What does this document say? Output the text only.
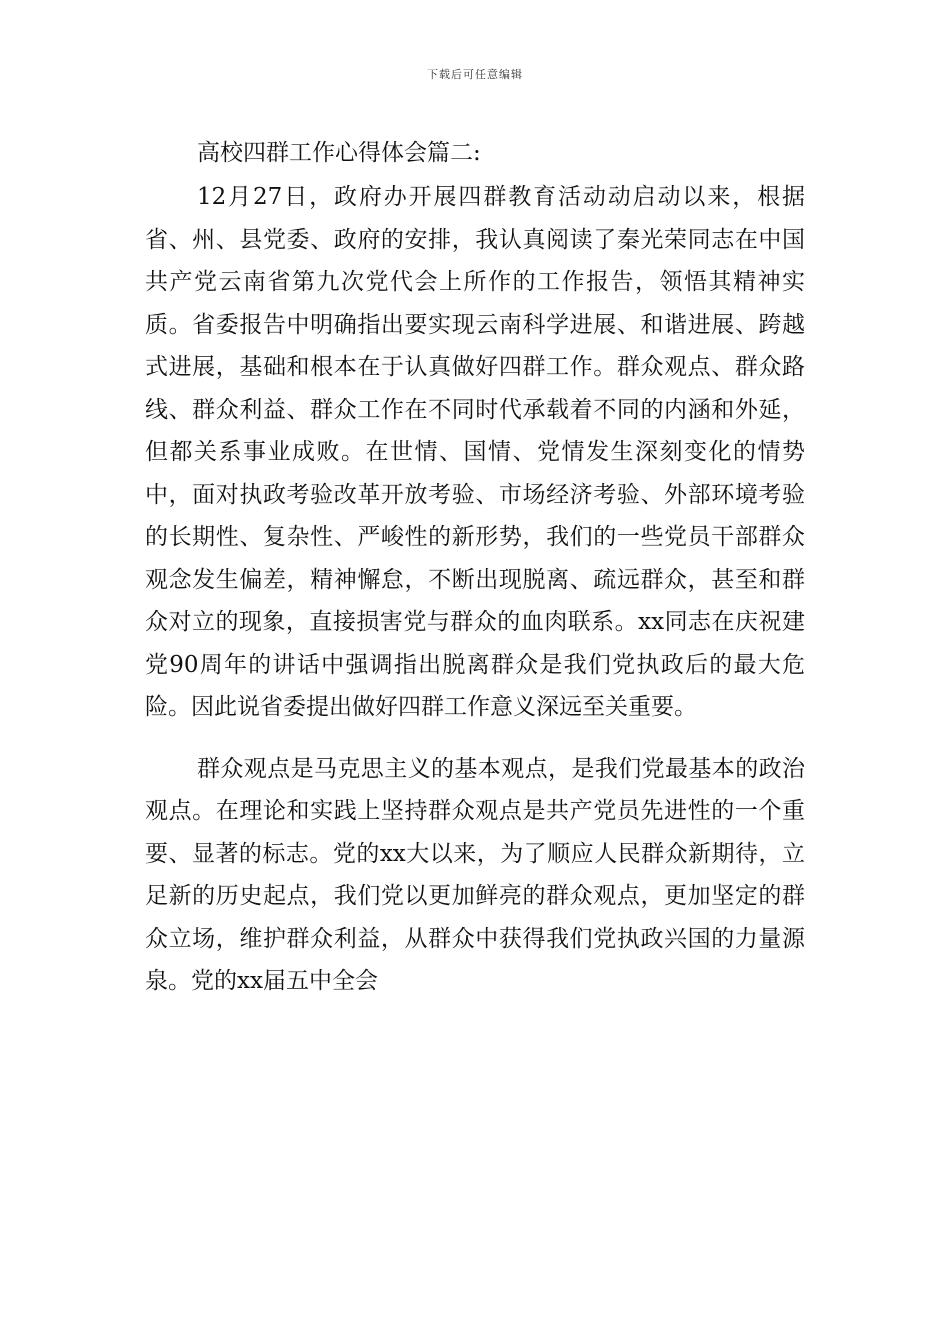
下载后可任意编辑

高校四群工作心得体会篇二:

12月27日，政府办开展四群教育活动动启动以来，根据省、州、县党委、政府的安排，我认真阅读了秦光荣同志在中国共产党云南省第九次党代会上所作的工作报告，领悟其精神实质。省委报告中明确指出要实现云南科学进展、和谐进展、跨越式进展，基础和根本在于认真做好四群工作。群众观点、群众路线、群众利益、群众工作在不同时代承载着不同的内涵和外延，但都关系事业成败。在世情、国情、党情发生深刻变化的情势中，面对执政考验改革开放考验、市场经济考验、外部环境考验的长期性、复杂性、严峻性的新形势，我们的一些党员干部群众观念发生偏差，精神懈怠，不断出现脱离、疏远群众，甚至和群众对立的现象，直接损害党与群众的血肉联系。xx同志在庆祝建党90周年的讲话中强调指出脱离群众是我们党执政后的最大危险。因此说省委提出做好四群工作意义深远至关重要。

群众观点是马克思主义的基本观点，是我们党最基本的政治观点。在理论和实践上坚持群众观点是共产党员先进性的一个重要、显著的标志。党的xx大以来，为了顺应人民群众新期待，立足新的历史起点，我们党以更加鲜亮的群众观点，更加坚定的群众立场，维护群众利益，从群众中获得我们党执政兴国的力量源泉。党的xx届五中全会
